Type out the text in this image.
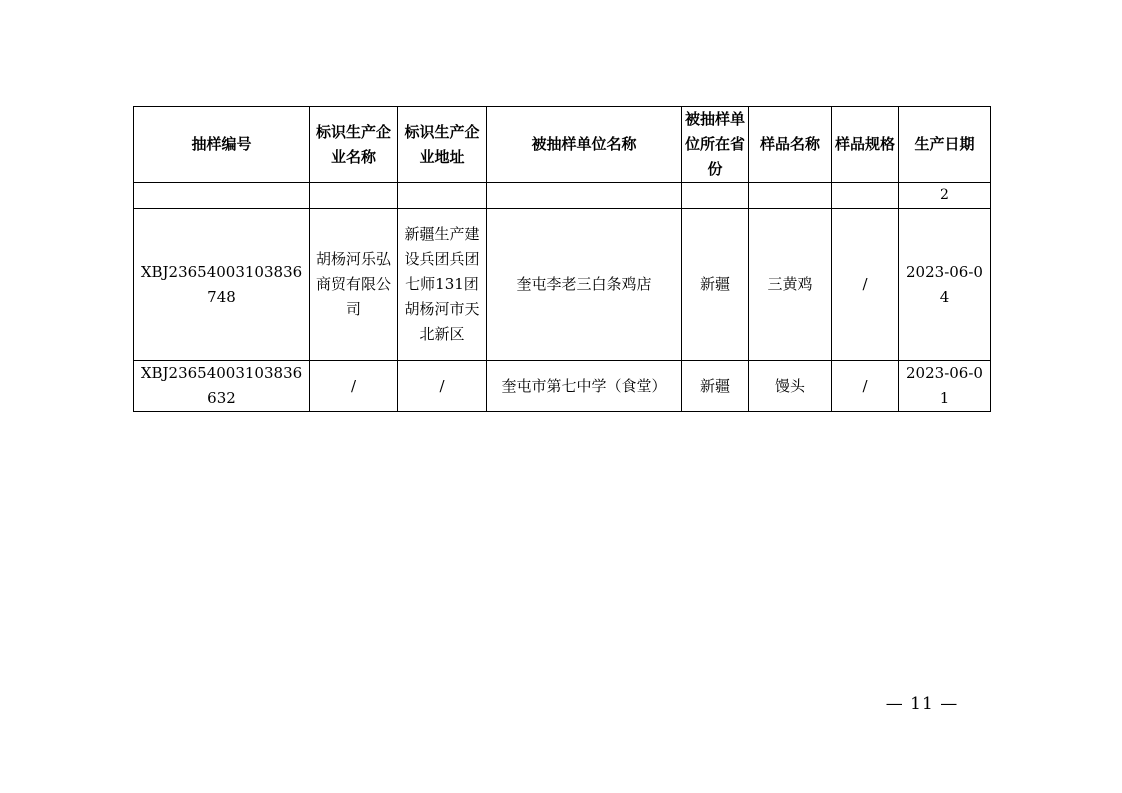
抽样编号	标识生产企业名称	标识生产企业地址	被抽样单位名称	被抽样单位所在省份	样品名称	样品规格	生产日期
							2
XBJ23654003103836748	胡杨河乐弘商贸有限公司	新疆生产建设兵团兵团七师131团胡杨河市天北新区	奎屯李老三白条鸡店	新疆	三黄鸡	/	2023-06-04
XBJ23654003103836632	/	/	奎屯市第七中学（食堂）	新疆	馒头	/	2023-06-01
— 11 —
